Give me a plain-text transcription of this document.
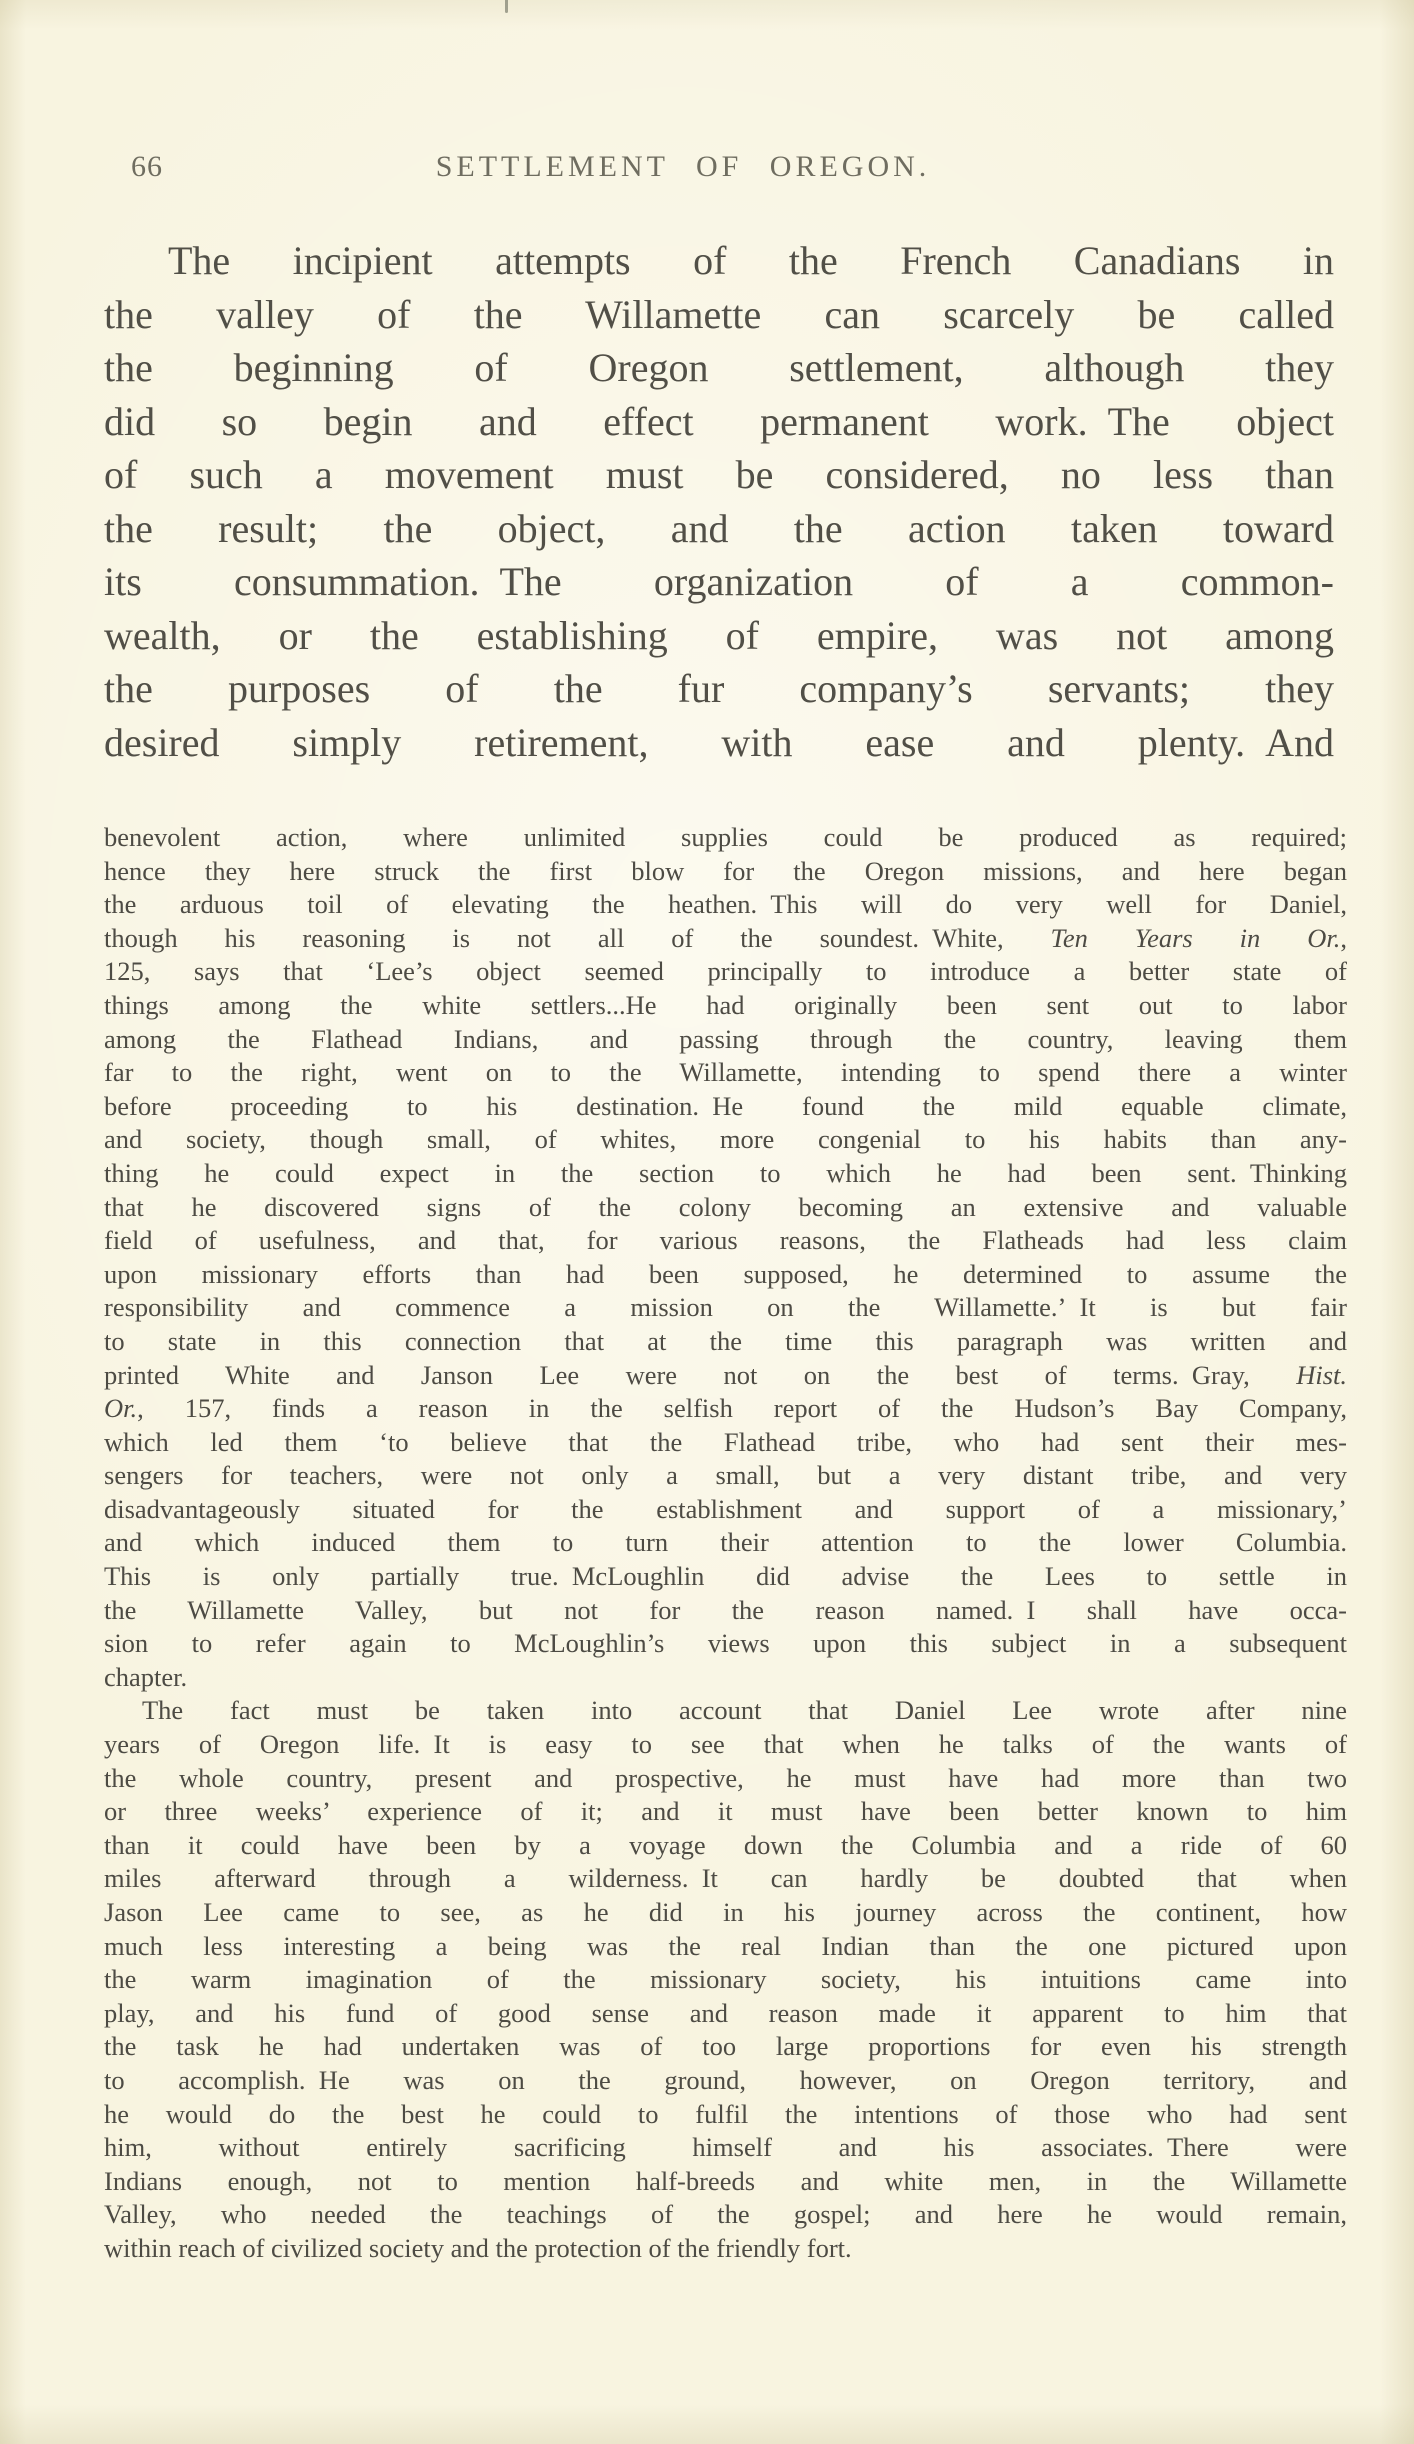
66	SETTLEMENT OF OREGON.
The incipient attempts of the French Canadians in
the valley of the Willamette can scarcely be called
the beginning of Oregon settlement, although they
did so begin and effect permanent work. The object
of such a movement must be considered, no less than
the result; the object, and the action taken toward
its consummation. The organization of a common-
wealth, or the establishing of empire, was not among
the purposes of the fur company’s servants; they
desired simply retirement, with ease and plenty. And
benevolent action, where unlimited supplies could be produced as required;
hence they here struck the first blow for the Oregon missions, and here began
the arduous toil of elevating the heathen. This will do very well for Daniel,
though his reasoning is not all of the soundest. White, Ten Years in Or.,
125, says that ‘Lee’s object seemed principally to introduce a better state of
things among the white settlers...He had originally been sent out to labor
among the Flathead Indians, and passing through the country, leaving them
far to the right, went on to the Willamette, intending to spend there a winter
before proceeding to his destination. He found the mild equable climate,
and society, though small, of whites, more congenial to his habits than any-
thing he could expect in the section to which he had been sent. Thinking
that he discovered signs of the colony becoming an extensive and valuable
field of usefulness, and that, for various reasons, the Flatheads had less claim
upon missionary efforts than had been supposed, he determined to assume the
responsibility and commence a mission on the Willamette.’ It is but fair
to state in this connection that at the time this paragraph was written and
printed White and Janson Lee were not on the best of terms. Gray, Hist.
Or., 157, finds a reason in the selfish report of the Hudson’s Bay Company,
which led them ‘to believe that the Flathead tribe, who had sent their mes-
sengers for teachers, were not only a small, but a very distant tribe, and very
disadvantageously situated for the establishment and support of a missionary,’
and which induced them to turn their attention to the lower Columbia.
This is only partially true. McLoughlin did advise the Lees to settle in
the Willamette Valley, but not for the reason named. I shall have occa-
sion to refer again to McLoughlin’s views upon this subject in a subsequent
chapter.
The fact must be taken into account that Daniel Lee wrote after nine
years of Oregon life. It is easy to see that when he talks of the wants of
the whole country, present and prospective, he must have had more than two
or three weeks’ experience of it; and it must have been better known to him
than it could have been by a voyage down the Columbia and a ride of 60
miles afterward through a wilderness. It can hardly be doubted that when
Jason Lee came to see, as he did in his journey across the continent, how
much less interesting a being was the real Indian than the one pictured upon
the warm imagination of the missionary society, his intuitions came into
play, and his fund of good sense and reason made it apparent to him that
the task he had undertaken was of too large proportions for even his strength
to accomplish. He was on the ground, however, on Oregon territory, and
he would do the best he could to fulfil the intentions of those who had sent
him, without entirely sacrificing himself and his associates. There were
Indians enough, not to mention half-breeds and white men, in the Willamette
Valley, who needed the teachings of the gospel; and here he would remain,
within reach of civilized society and the protection of the friendly fort.
